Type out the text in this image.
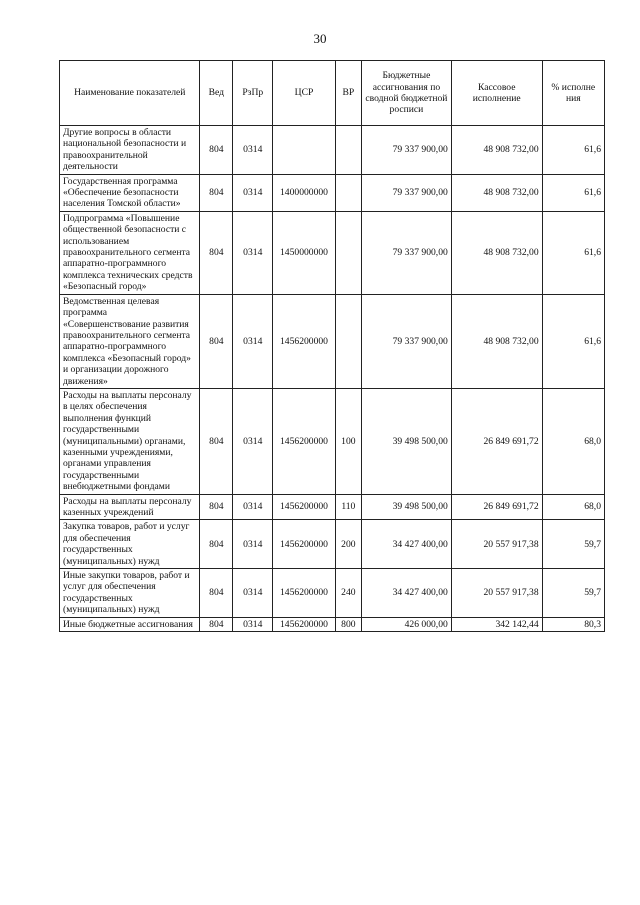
30
Наименование показателей	Вед	РзПр	ЦСР	ВР	Бюджетные ассигнования по сводной бюджетной росписи	Кассовое исполнение	% исполне ния
Другие вопросы в области национальной безопасности и правоохранительной деятельности	804	0314			79 337 900,00	48 908 732,00	61,6
Государственная программа «Обеспечение безопасности населения Томской области»	804	0314	1400000000		79 337 900,00	48 908 732,00	61,6
Подпрограмма «Повышение общественной безопасности с использованием правоохранительного сегмента аппаратно-программного комплекса технических средств «Безопасный город»	804	0314	1450000000		79 337 900,00	48 908 732,00	61,6
Ведомственная целевая программа «Совершенствование развития правоохранительного сегмента аппаратно-программного комплекса «Безопасный город» и организации дорожного движения»	804	0314	1456200000		79 337 900,00	48 908 732,00	61,6
Расходы на выплаты персоналу в целях обеспечения выполнения функций государственными (муниципальными) органами, казенными учреждениями, органами управления государственными внебюджетными фондами	804	0314	1456200000	100	39 498 500,00	26 849 691,72	68,0
Расходы на выплаты персоналу казенных учреждений	804	0314	1456200000	110	39 498 500,00	26 849 691,72	68,0
Закупка товаров, работ и услуг для обеспечения государственных (муниципальных) нужд	804	0314	1456200000	200	34 427 400,00	20 557 917,38	59,7
Иные закупки товаров, работ и услуг для обеспечения государственных (муниципальных) нужд	804	0314	1456200000	240	34 427 400,00	20 557 917,38	59,7
Иные бюджетные ассигнования	804	0314	1456200000	800	426 000,00	342 142,44	80,3
